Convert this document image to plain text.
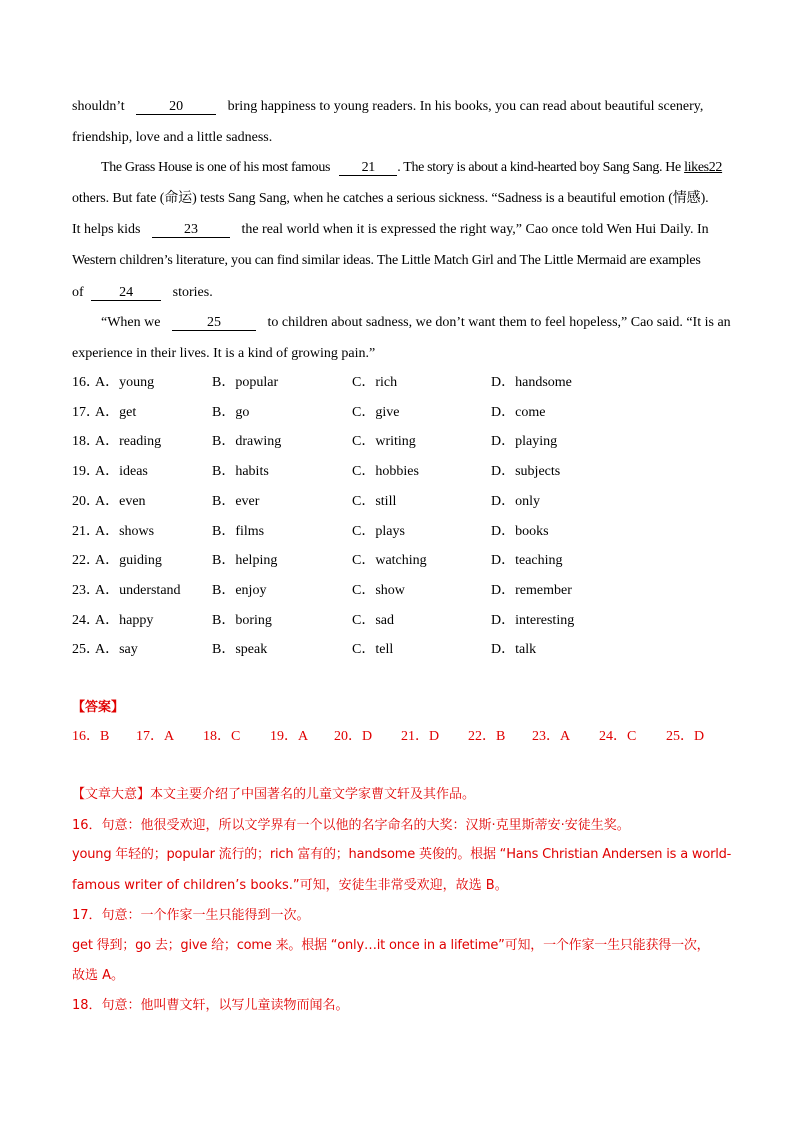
shouldn’t	20	bring happiness to young readers. In his books, you can read about beautiful scenery,
friendship, love and a little sadness.
The Grass House is one of his most famous 21 . The story is about a kind-hearted boy Sang Sang. He likes22
others. But fate (命运) tests Sang Sang, when he catches a serious sickness. “Sadness is a beautiful emotion (情感).
It helps kids	23	the real world when it is expressed the right way,” Cao once told Wen Hui Daily. In
Western children’s literature, you can find similar ideas. The Little Match Girl and The Little Mermaid are examples
of	24	stories.
“When we	25	to children about sadness, we don’t want them to feel hopeless,” Cao said. “It is an
experience in their lives. It is a kind of growing pain.”
16．
A．young	B．popular	C．rich	D．handsome
17．
A．get	B．go	C．give	D．come
18．
A．reading	B．drawing	C．writing	D．playing
19．
A．ideas	B．habits	C．hobbies	D．subjects
20．
A．even	B．ever	C．still	D．only
21．
A．shows	B．films	C．plays	D．books
22．
A．guiding	B．helping	C．watching	D．teaching
23．
A．understand B．enjoy	C．show	D．remember
24．
A．happy	B．boring	C．sad	D．interesting
25．
A．say	B．speak	C．tell	D．talk
【答案】
16．B 17．A 18．C 19．A 20．D 21．D 22．B 23．A 24．C 25．D
【文章大意】本文主要介绍了中国著名的儿童文学家曹文轩及其作品。
16．句意：他很受欢迎，所以文学界有一个以他的名字命名的大奖：汉斯·克里斯蒂安·安徒生奖。
young 年轻的；popular 流行的；rich 富有的；handsome 英俊的。根据 “Hans Christian Andersen is a world-
famous writer of children’s books.”可知，安徒生非常受欢迎，故选 B。
17．句意：一个作家一生只能得到一次。
get 得到；go 去；give 给；come 来。根据 “only…it once in a lifetime”可知，一个作家一生只能获得一次，
故选 A。
18．句意：他叫曹文轩，以写儿童读物而闻名。
